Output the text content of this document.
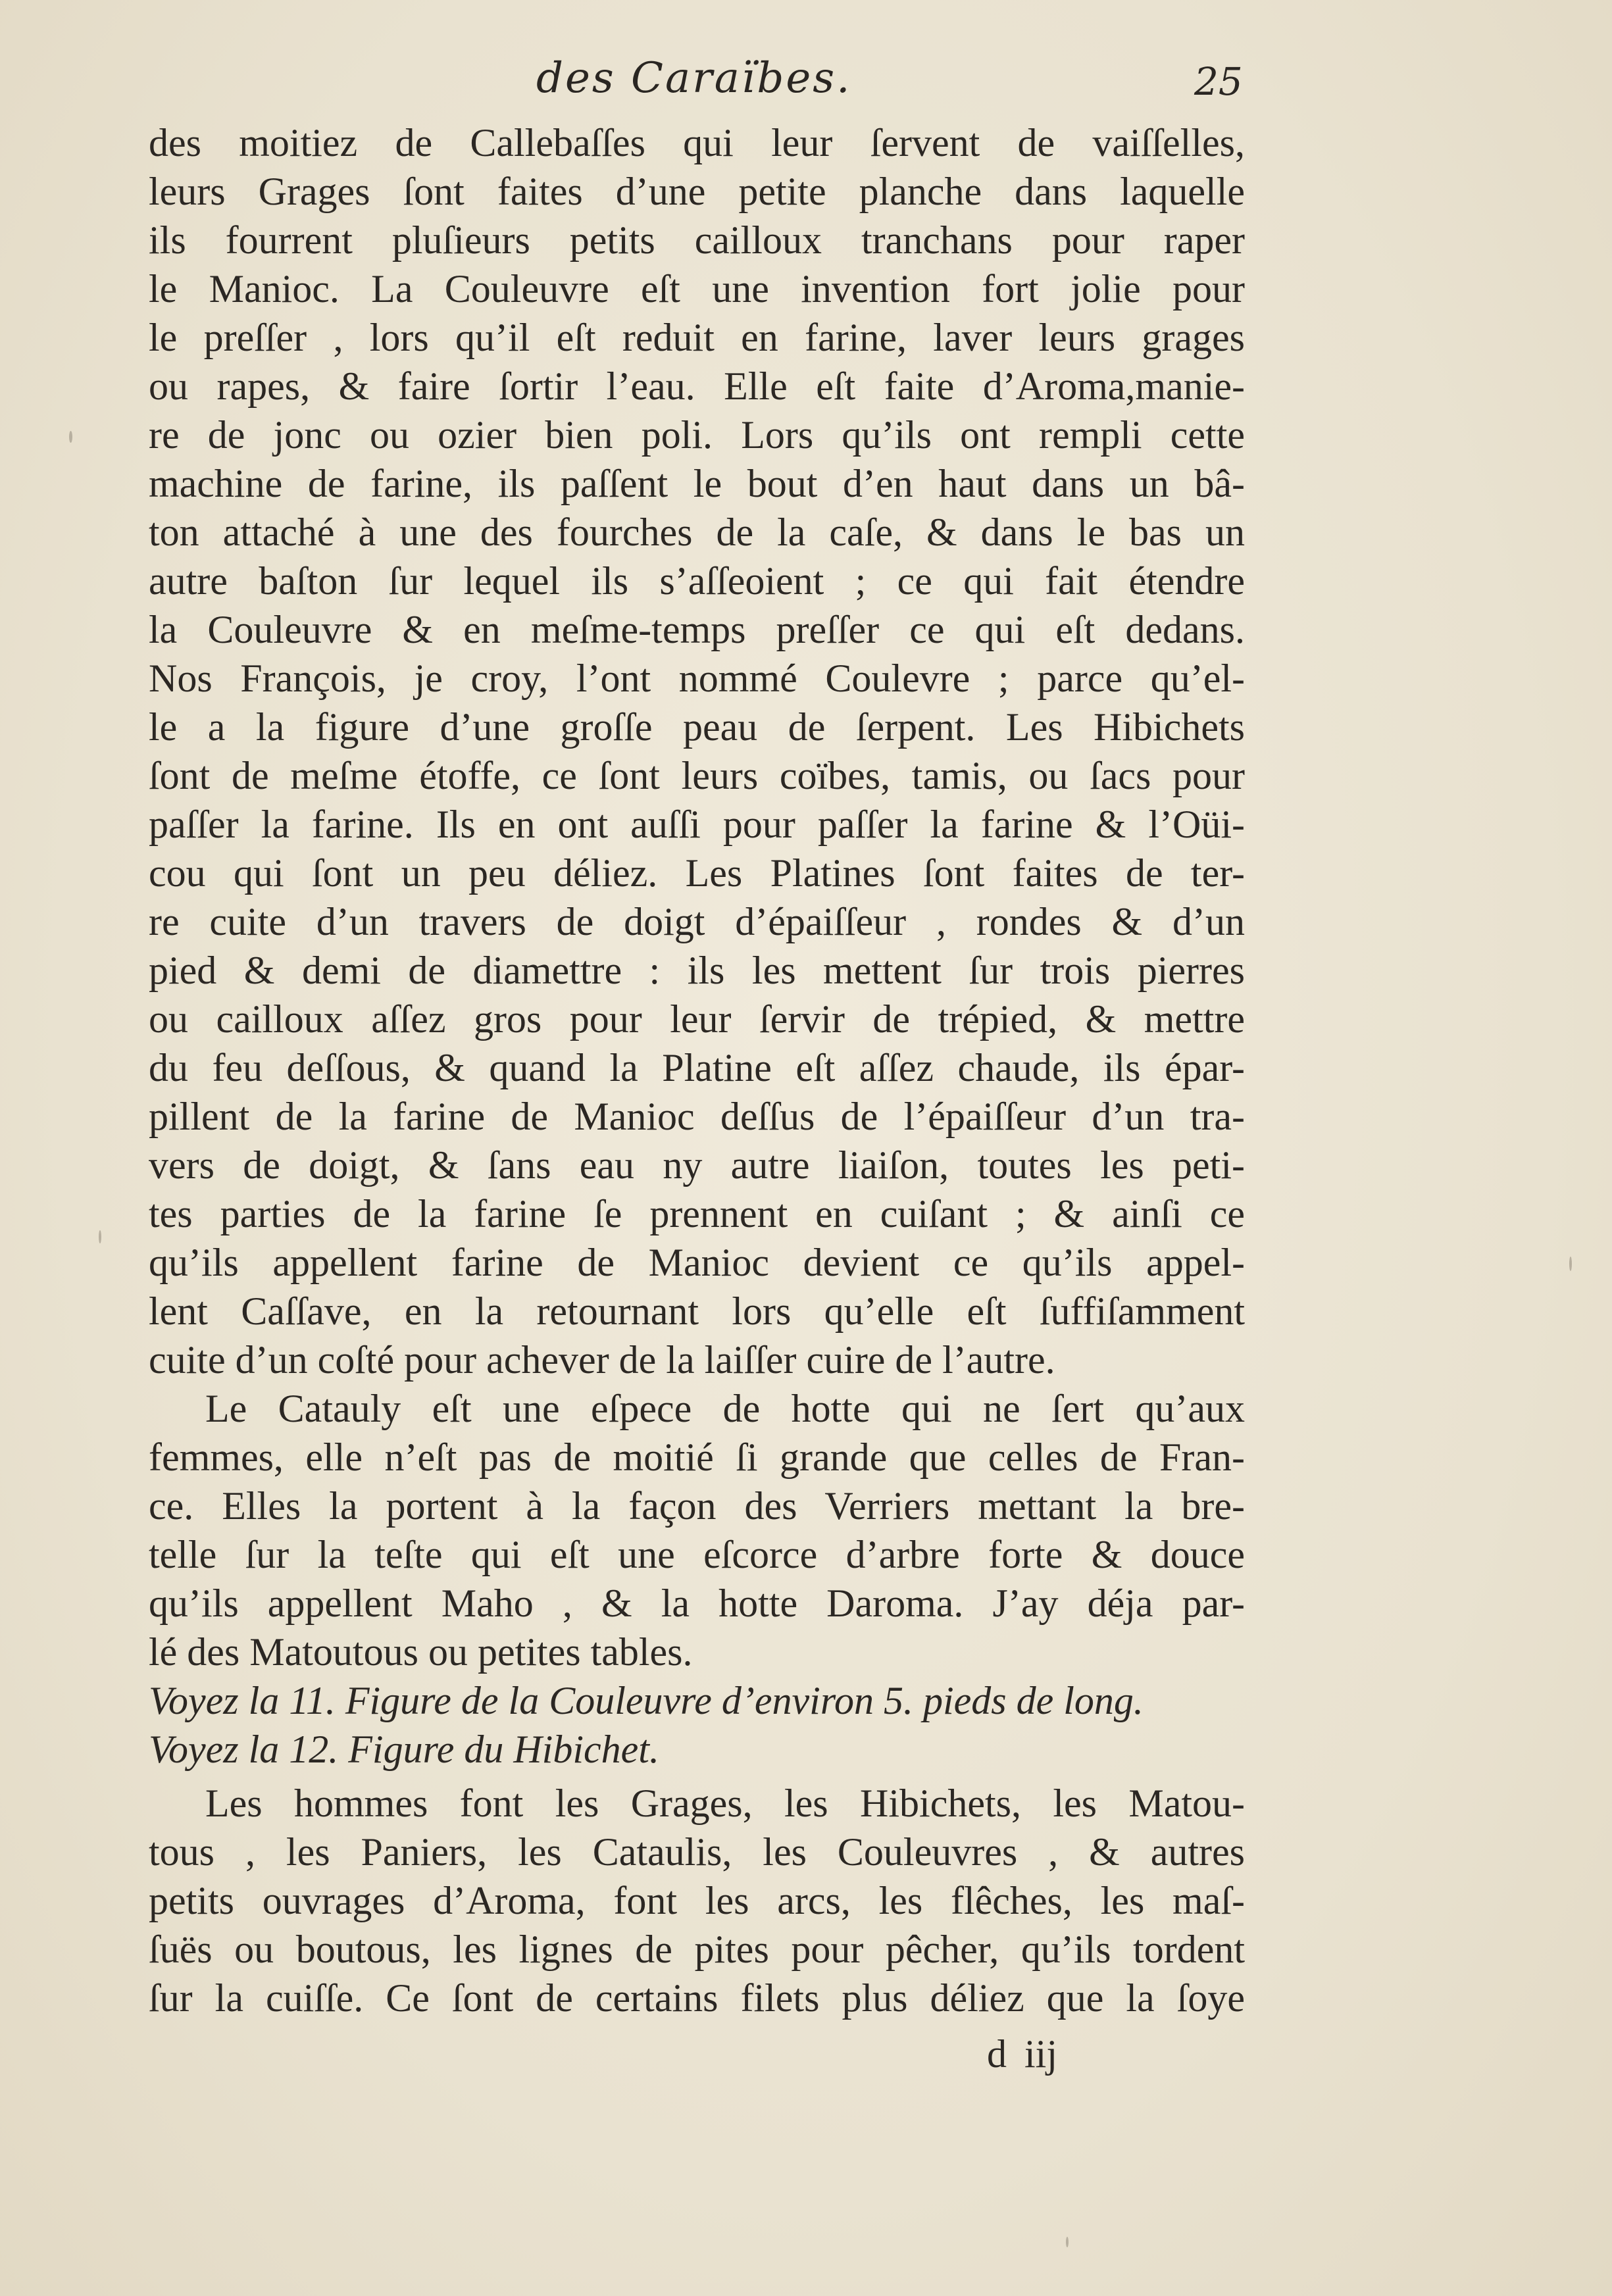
des Caraïbes.	25
des moitiez de Callebaſſes qui leur ſervent de vaiſſelles,
leurs Grages ſont faites d’une petite planche dans laquelle
ils fourrent pluſieurs petits cailloux tranchans pour raper
le Manioc. La Couleuvre eſt une invention fort jolie pour
le preſſer , lors qu’il eſt reduit en farine, laver leurs grages
ou rapes, & faire ſortir l’eau. Elle eſt faite d’Aroma,manie-
re de jonc ou ozier bien poli. Lors qu’ils ont rempli cette
machine de farine, ils paſſent le bout d’en haut dans un bâ-
ton attaché à une des fourches de la caſe, & dans le bas un
autre baſton ſur lequel ils s’aſſeoient ; ce qui fait étendre
la Couleuvre & en meſme-temps preſſer ce qui eſt dedans.
Nos François, je croy, l’ont nommé Coulevre ; parce qu’el-
le a la figure d’une groſſe peau de ſerpent. Les Hibichets
ſont de meſme étoffe, ce ſont leurs coïbes, tamis, ou ſacs pour
paſſer la farine. Ils en ont auſſi pour paſſer la farine & l’Oüi-
cou qui ſont un peu déliez. Les Platines ſont faites de ter-
re cuite d’un travers de doigt d’épaiſſeur , rondes & d’un
pied & demi de diamettre : ils les mettent ſur trois pierres
ou cailloux aſſez gros pour leur ſervir de trépied, & mettre
du feu deſſous, & quand la Platine eſt aſſez chaude, ils épar-
pillent de la farine de Manioc deſſus de l’épaiſſeur d’un tra-
vers de doigt, & ſans eau ny autre liaiſon, toutes les peti-
tes parties de la farine ſe prennent en cuiſant ; & ainſi ce
qu’ils appellent farine de Manioc devient ce qu’ils appel-
lent Caſſave, en la retournant lors qu’elle eſt ſuffiſamment
cuite d’un coſté pour achever de la laiſſer cuire de l’autre.
Le Catauly eſt une eſpece de hotte qui ne ſert qu’aux
femmes, elle n’eſt pas de moitié ſi grande que celles de Fran-
ce. Elles la portent à la façon des Verriers mettant la bre-
telle ſur la teſte qui eſt une eſcorce d’arbre forte & douce
qu’ils appellent Maho , & la hotte Daroma. J’ay déja par-
lé des Matoutous ou petites tables.
Voyez la 11. Figure de la Couleuvre d’environ 5. pieds de long.
Voyez la 12. Figure du Hibichet.
Les hommes font les Grages, les Hibichets, les Matou-
tous , les Paniers, les Cataulis, les Couleuvres , & autres
petits ouvrages d’Aroma, font les arcs, les flêches, les maſ-
ſuës ou boutous, les lignes de pites pour pêcher, qu’ils tordent
ſur la cuiſſe. Ce ſont de certains filets plus déliez que la ſoye
d iij
